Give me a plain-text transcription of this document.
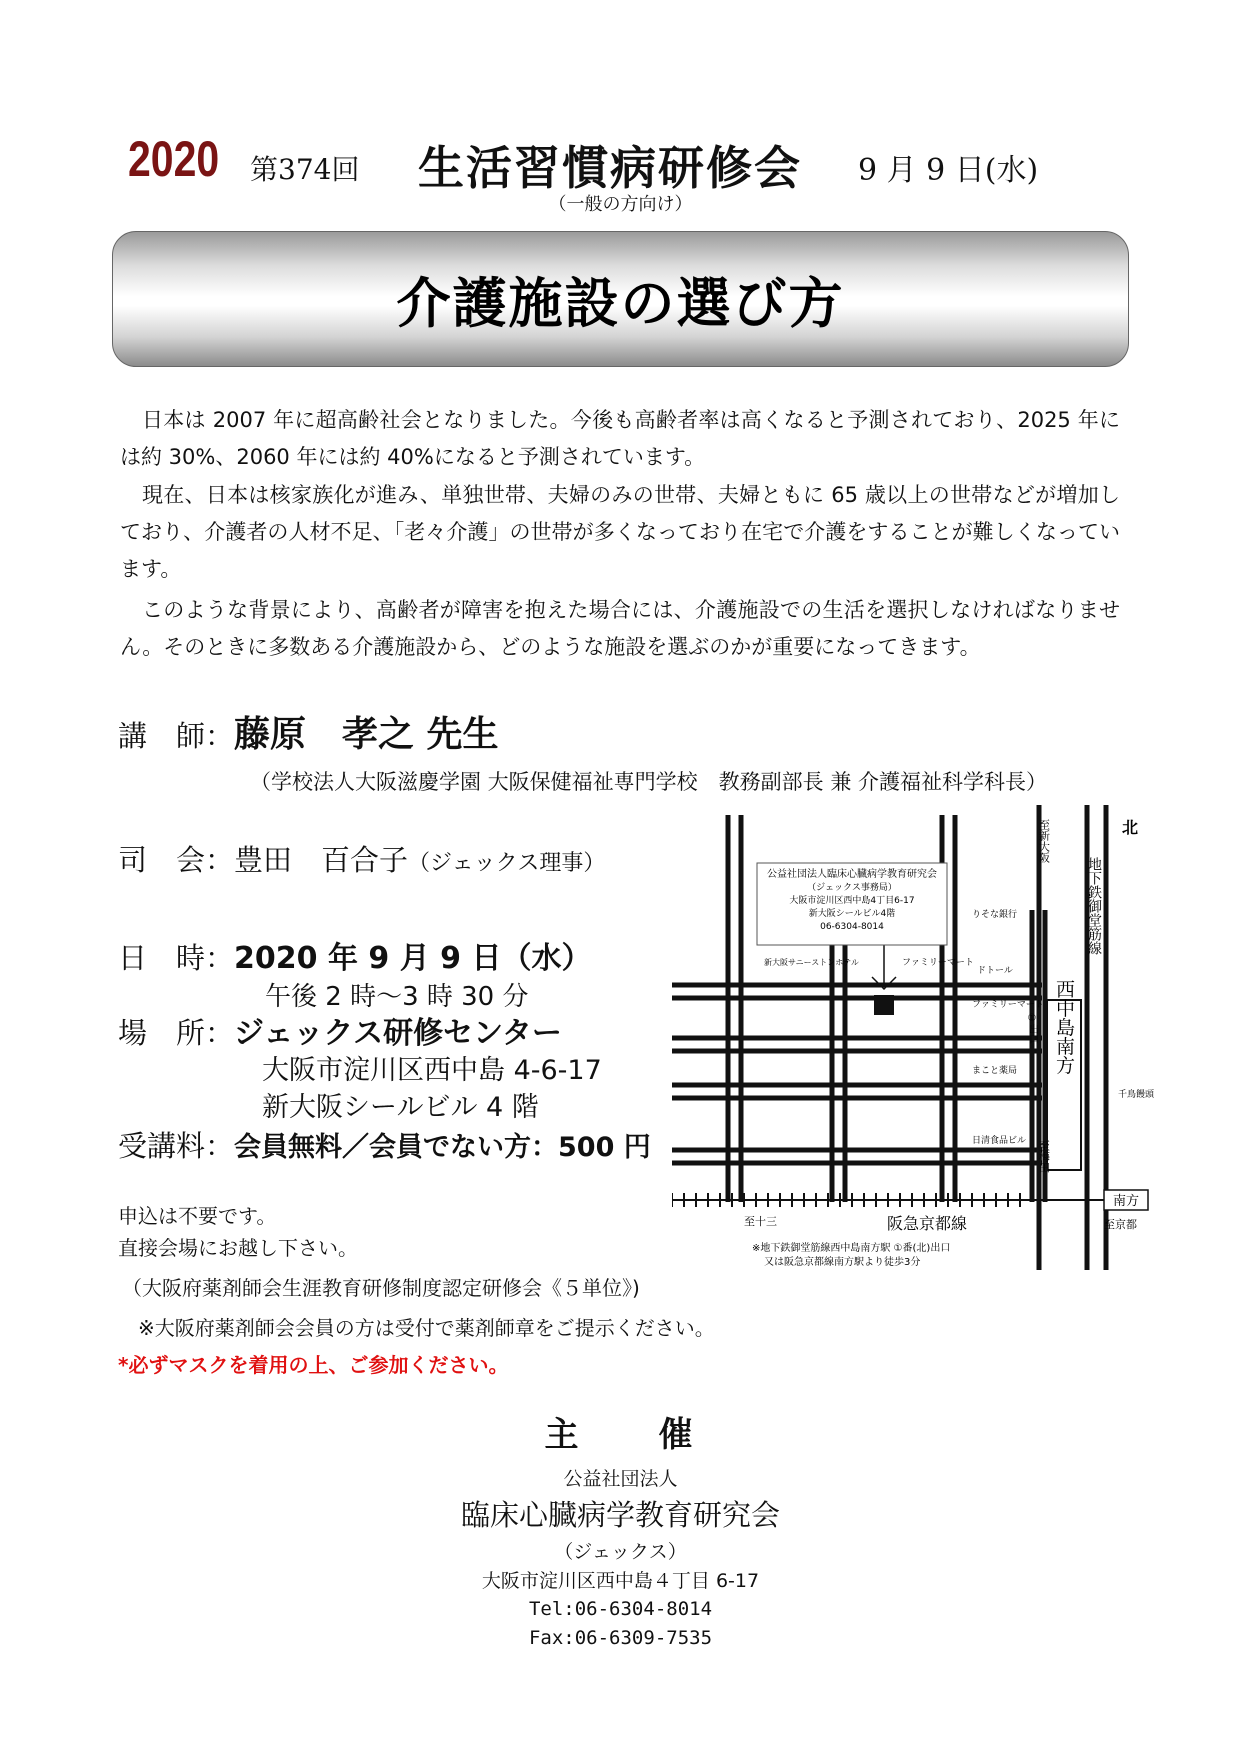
2020 第374回 生活習慣病研修会 9 月 9 日(水)
（一般の方向け）
介護施設の選び方
日本は 2007 年に超高齢社会となりました。今後も高齢者率は高くなると予測されており、2025 年には約 30%、2060 年には約 40%になると予測されています。
現在、日本は核家族化が進み、単独世帯、夫婦のみの世帯、夫婦ともに 65 歳以上の世帯などが増加しており、介護者の人材不足、「老々介護」の世帯が多くなっており在宅で介護をすることが難しくなっています。
このような背景により、高齢者が障害を抱えた場合には、介護施設での生活を選択しなければなりません。そのときに多数ある介護施設から、どのような施設を選ぶのかが重要になってきます。
講　師：藤原　孝之 先生
（学校法人大阪滋慶学園 大阪保健福祉専門学校　教務副部長 兼 介護福祉科学科長）
司　会：豊田　百合子（ジェックス理事）
日　時：2020 年 9 月 9 日（水）
午後 2 時～3 時 30 分
場　所：ジェックス研修センター
大阪市淀川区西中島 4-6-17
新大阪シールビル 4 階
受講料：会員無料／会員でない方：500 円
申込は不要です。
直接会場にお越し下さい。
（大阪府薬剤師会生涯教育研修制度認定研修会《５単位》)
※大阪府薬剤師会会員の方は受付で薬剤師章をご提示ください。
*必ずマスクを着用の上、ご参加ください。
公益社団法人臨床心臓病学教育研究会
（ジェックス事務局）
大阪市淀川区西中島4丁目6-17
新大阪シールビル4階
06-6304-8014
西中島南方
南方
北
至新大阪
地下鉄御堂筋線
①出口
りそな銀行
新大阪サニーストンホテル	ファミリーマート
ドトール
ファミリーマート
まこと薬局
千鳥饅頭
日清食品ビル 至梅田
至十三	阪急京都線	至京都
※地下鉄御堂筋線西中島南方駅 ①番(北)出口
又は阪急京都線南方駅より徒歩3分
主　　催
公益社団法人
臨床心臓病学教育研究会
（ジェックス）
大阪市淀川区西中島４丁目 6-17
Tel:06-6304-8014
Fax:06-6309-7535
